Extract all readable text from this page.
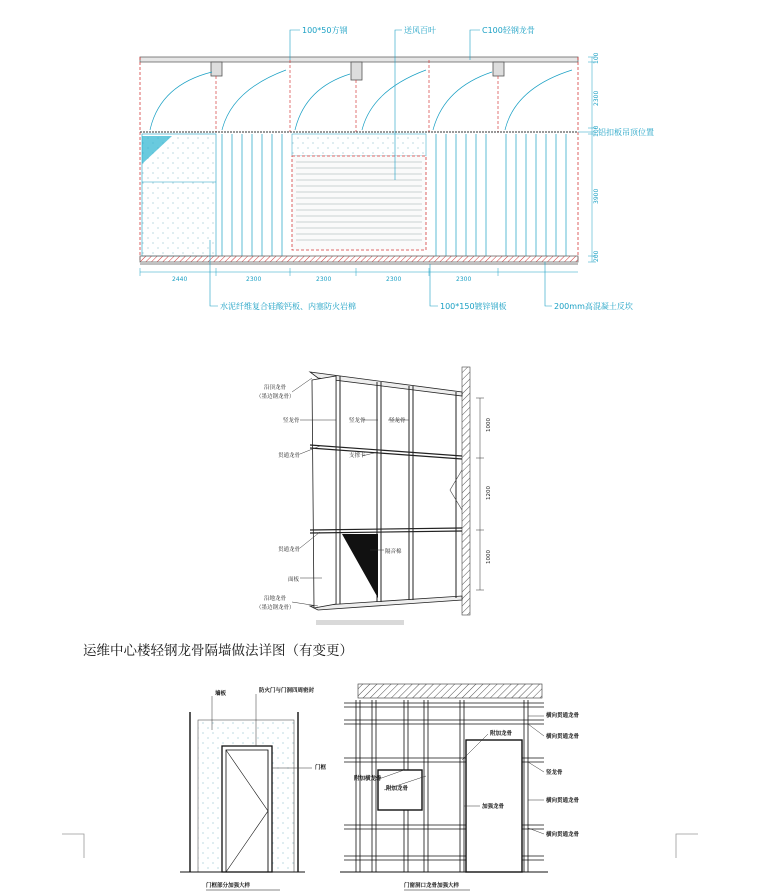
2440	2300	2300	2300	2300
100
2300
100
3900
200
100*50方钢	送风百叶	C100轻钢龙骨
铝扣板吊顶位置
水泥纤维复合硅酸钙板、内塞防火岩棉	100*150镀锌钢板	200mm高混凝土反坎
1000
1200
1000
沿顶龙骨
（墨边钢龙骨）
竖龙骨
贯通龙骨
贯通龙骨
面板
沿地龙骨
（墨边钢龙骨）
竖龙骨	竖龙骨
支撑卡
隔音棉
墙板	防火门与门洞四周密封
门框
门框部分加强大样
附加龙骨
附加横龙骨
附加龙骨
加强龙骨
横向贯通龙骨
横向贯通龙骨
竖龙骨
横向贯通龙骨
横向贯通龙骨
门窗洞口龙骨加强大样
运维中心楼轻钢龙骨隔墙做法详图（有变更）
